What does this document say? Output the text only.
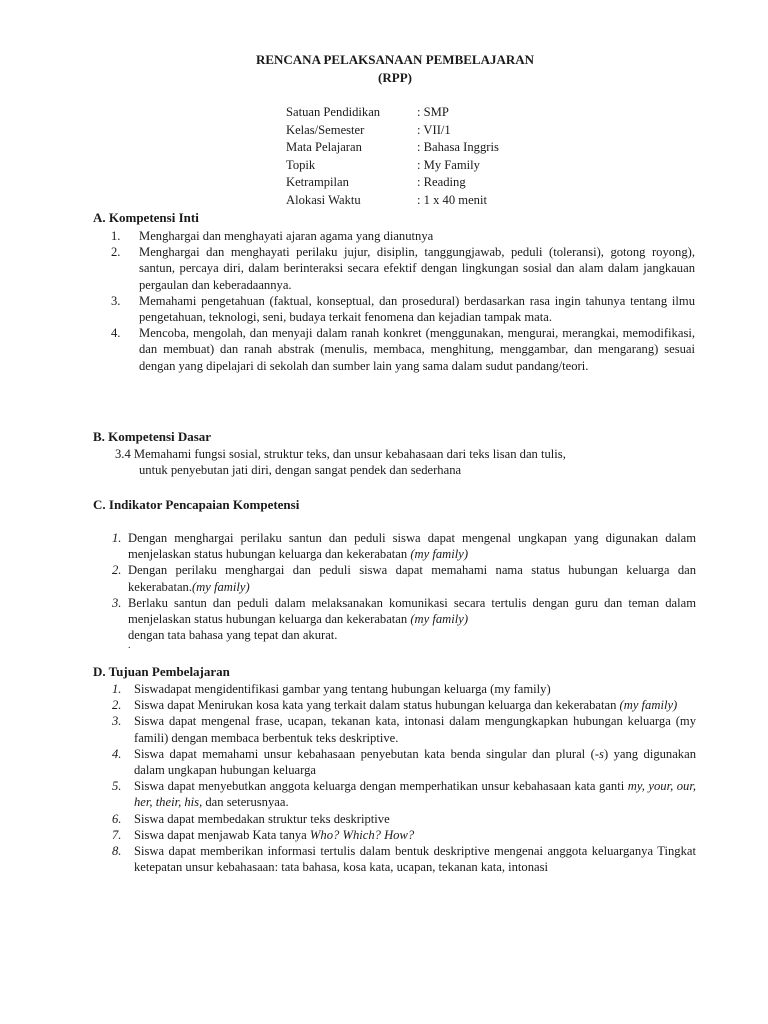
RENCANA PELAKSANAAN PEMBELAJARAN
(RPP)
Satuan Pendidikan	: SMP
Kelas/Semester	: VII/1
Mata Pelajaran	: Bahasa Inggris
Topik	: My Family
Ketrampilan	: Reading
Alokasi Waktu	: 1 x 40 menit
A. Kompetensi Inti
1. Menghargai dan menghayati ajaran agama yang dianutnya
2. Menghargai dan menghayati perilaku jujur, disiplin, tanggungjawab, peduli (toleransi), gotong royong), santun, percaya diri, dalam berinteraksi secara efektif dengan lingkungan sosial dan alam dalam jangkauan pergaulan dan keberadaannya.
3. Memahami pengetahuan (faktual, konseptual, dan prosedural) berdasarkan rasa ingin tahunya tentang ilmu pengetahuan, teknologi, seni, budaya terkait fenomena dan kejadian tampak mata.
4. Mencoba, mengolah, dan menyaji dalam ranah konkret (menggunakan, mengurai, merangkai, memodifikasi, dan membuat) dan ranah abstrak (menulis, membaca, menghitung, menggambar, dan mengarang) sesuai dengan yang dipelajari di sekolah dan sumber lain yang sama dalam sudut pandang/teori.
B. Kompetensi Dasar
3.4 Memahami fungsi sosial, struktur teks, dan unsur kebahasaan dari teks lisan dan tulis,
untuk penyebutan jati diri, dengan sangat pendek dan sederhana
C. Indikator Pencapaian Kompetensi
1. Dengan menghargai perilaku santun dan peduli siswa dapat mengenal ungkapan yang digunakan dalam menjelaskan status hubungan keluarga dan kekerabatan (my family)
2. Dengan perilaku menghargai dan peduli siswa dapat memahami nama status hubungan keluarga dan kekerabatan.(my family)
3. Berlaku santun dan peduli dalam melaksanakan komunikasi secara tertulis dengan guru dan teman dalam menjelaskan status hubungan keluarga dan kekerabatan (my family)
dengan tata bahasa yang tepat dan akurat.
.
D. Tujuan Pembelajaran
1. Siswadapat mengidentifikasi gambar yang tentang hubungan keluarga (my family)
2. Siswa dapat Menirukan kosa kata yang terkait dalam status hubungan keluarga dan kekerabatan (my family)
3. Siswa dapat mengenal frase, ucapan, tekanan kata, intonasi dalam mengungkapkan hubungan keluarga (my famili) dengan membaca berbentuk teks deskriptive.
4. Siswa dapat memahami unsur kebahasaan penyebutan kata benda singular dan plural (-s) yang digunakan dalam ungkapan hubungan keluarga
5. Siswa dapat menyebutkan anggota keluarga dengan memperhatikan unsur kebahasaan kata ganti my, your, our, her, their, his, dan seterusnyaa.
6. Siswa dapat membedakan struktur teks deskriptive
7. Siswa dapat menjawab Kata tanya Who? Which? How?
8. Siswa dapat memberikan informasi tertulis dalam bentuk deskriptive mengenai anggota keluarganya Tingkat ketepatan unsur kebahasaan: tata bahasa, kosa kata, ucapan, tekanan kata, intonasi
